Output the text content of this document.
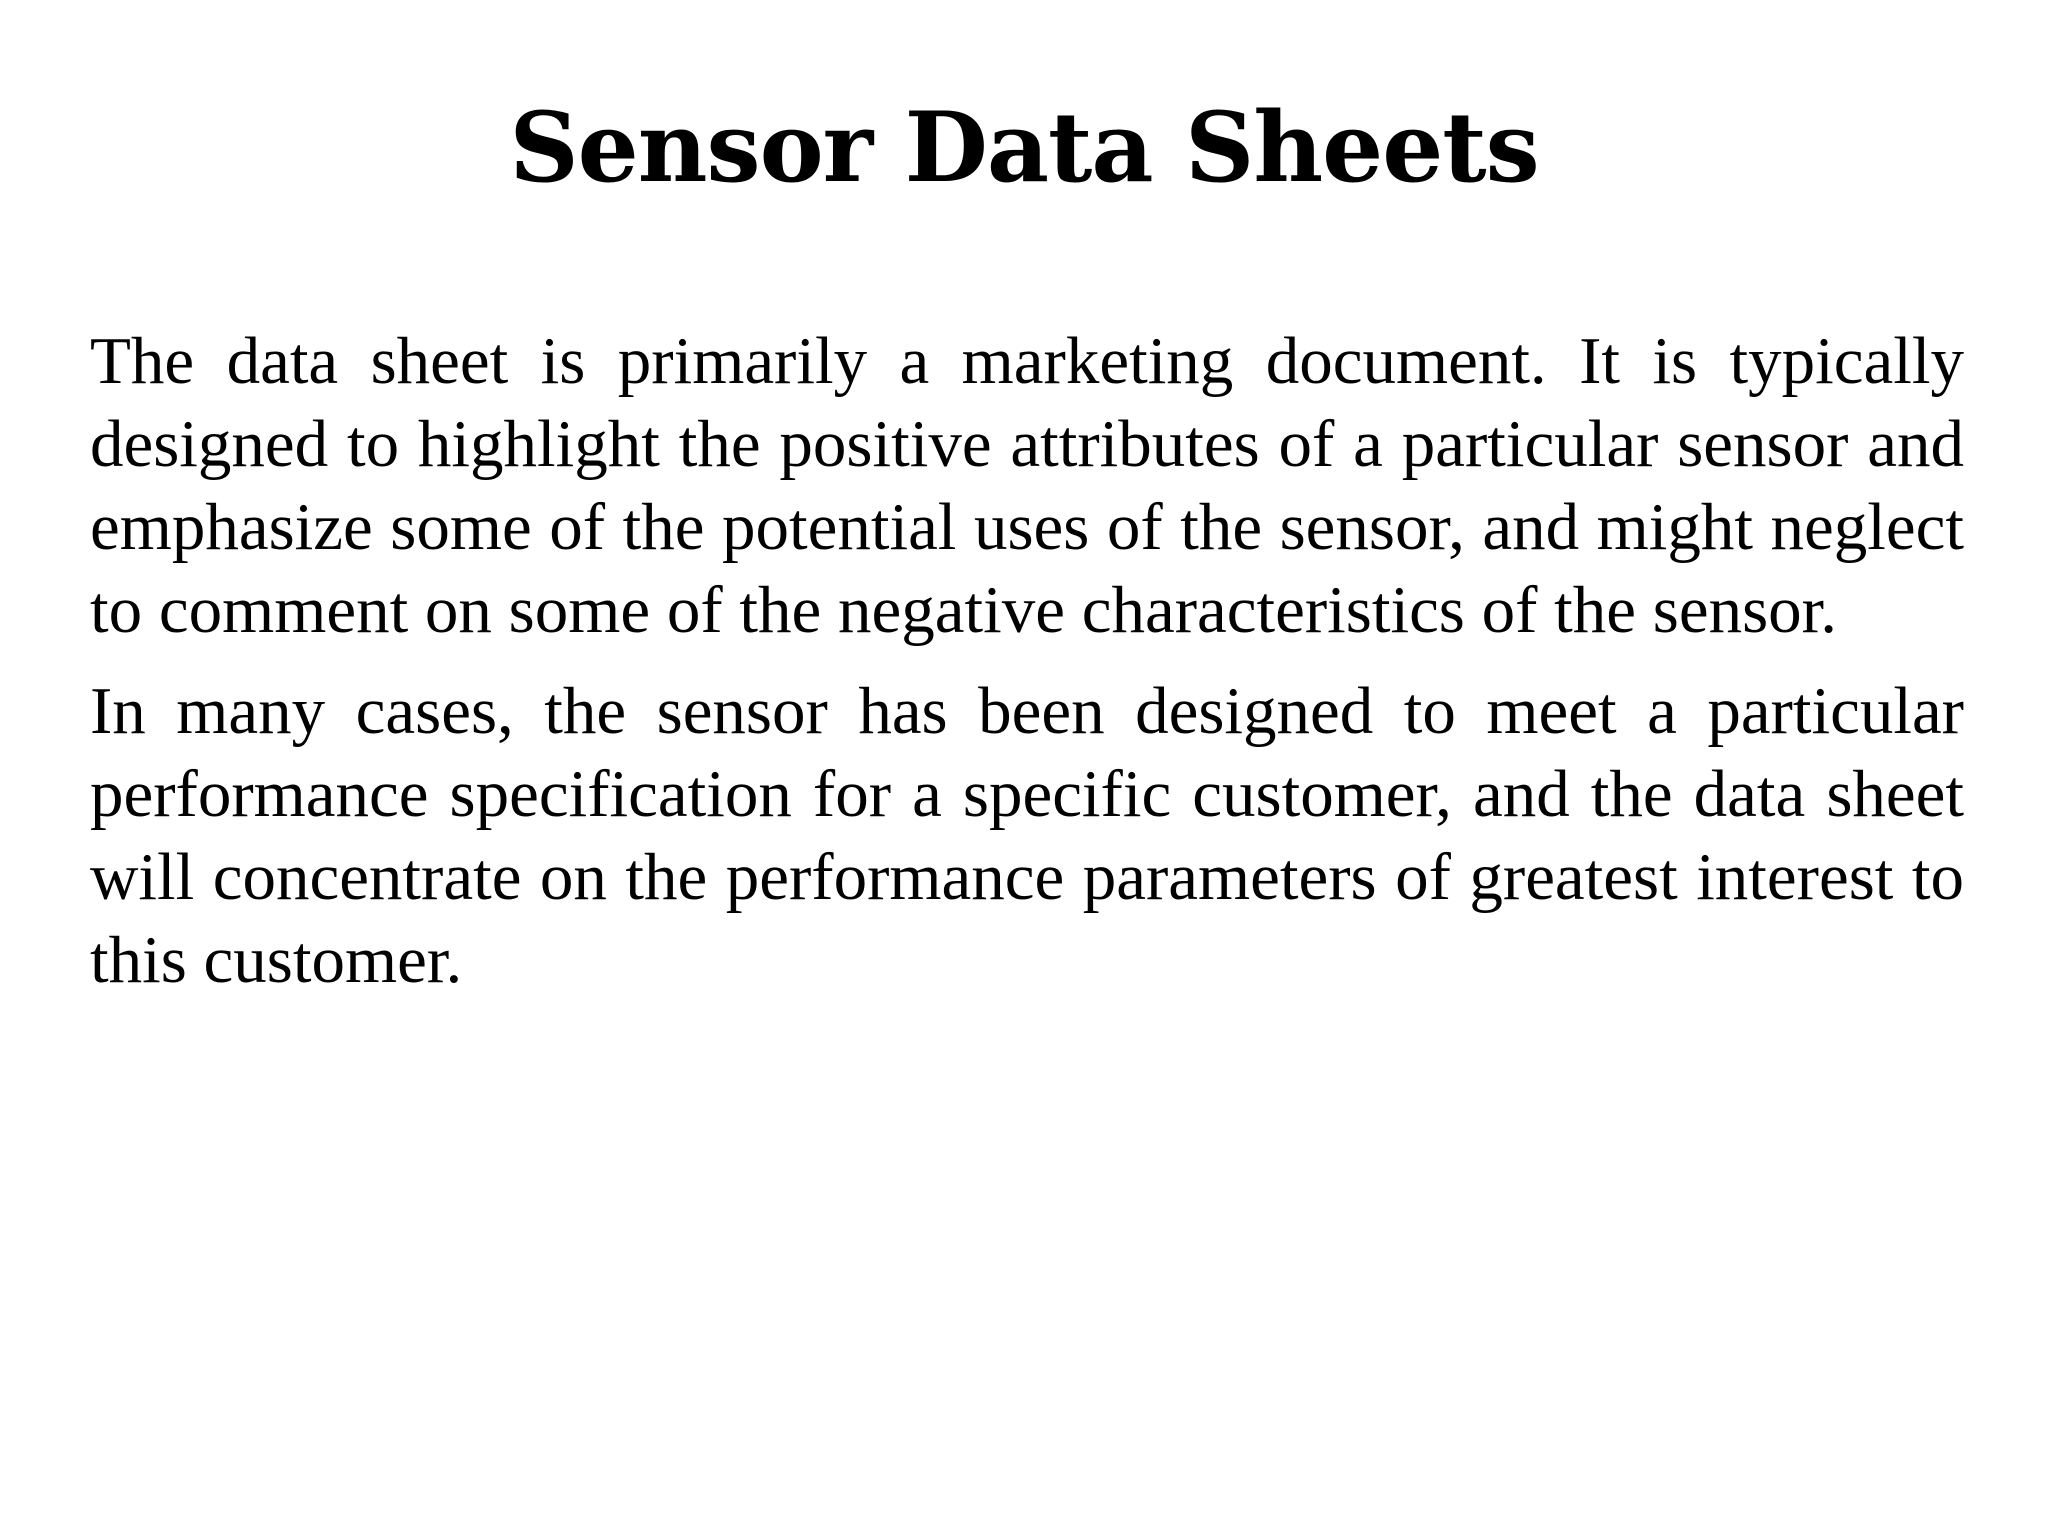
Sensor Data Sheets

The data sheet is primarily a marketing document. It is typically designed to highlight the positive attributes of a particular sensor and emphasize some of the potential uses of the sensor, and might neglect to comment on some of the negative characteristics of the sensor.

In many cases, the sensor has been designed to meet a particular performance specification for a specific customer, and the data sheet will concentrate on the performance parameters of greatest interest to this customer.
